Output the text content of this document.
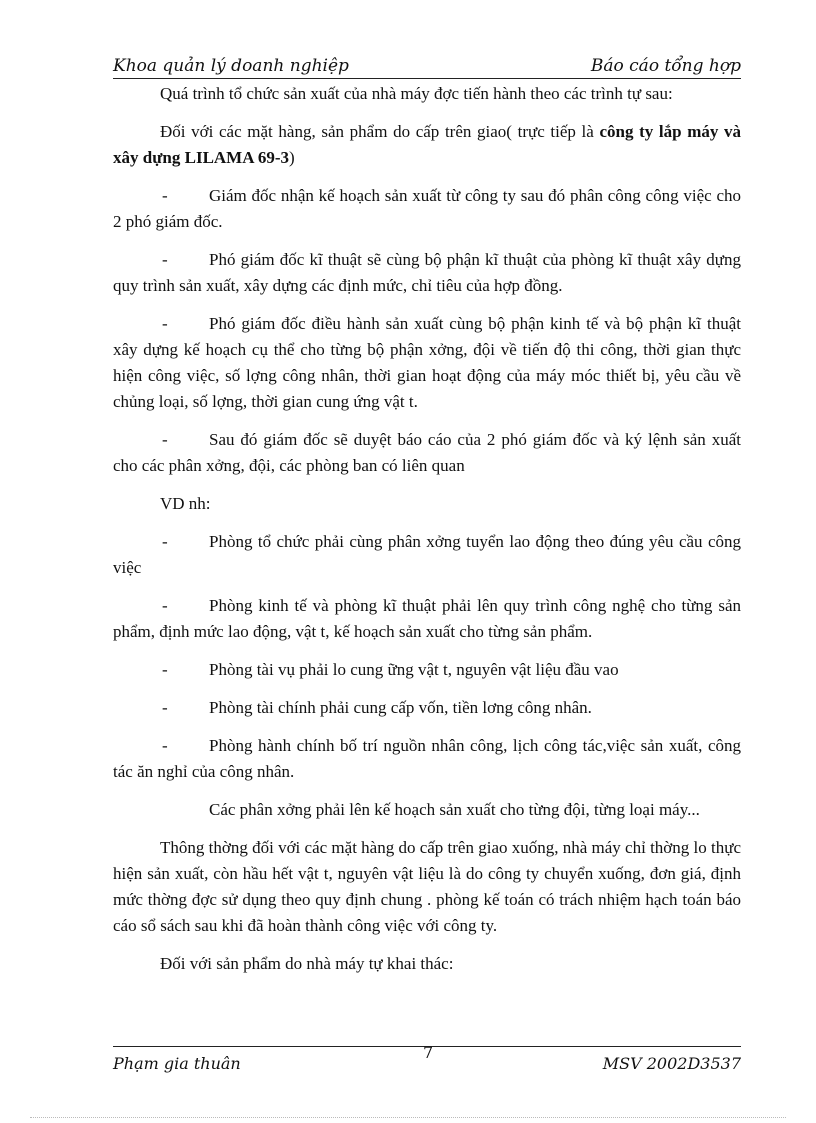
Khoa quản lý doanh nghiệp	Báo cáo tổng hợp

Quá trình tổ chức sản xuất của nhà máy đợc tiến hành theo các trình tự sau:

Đối với các mặt hàng, sản phẩm do cấp trên giao( trực tiếp là công ty lắp máy và xây dựng LILAMA 69-3)

- Giám đốc nhận kế hoạch sản xuất từ công ty sau đó phân công công việc cho 2 phó giám đốc.

- Phó giám đốc kĩ thuật sẽ cùng bộ phận kĩ thuật của phòng kĩ thuật xây dựng quy trình sản xuất, xây dựng các định mức, chỉ tiêu của hợp đồng.

- Phó giám đốc điều hành sản xuất cùng bộ phận kinh tế và bộ phận kĩ thuật xây dựng kế hoạch cụ thể cho từng bộ phận xởng, đội về tiến độ thi công, thời gian thực hiện công việc, số lợng công nhân, thời gian hoạt động của máy móc thiết bị, yêu cầu về chủng loại, số lợng, thời gian cung ứng vật t.

- Sau đó giám đốc sẽ duyệt báo cáo của 2 phó giám đốc và ký lệnh sản xuất cho các phân xởng, đội, các phòng ban có liên quan

VD nh:

- Phòng tổ chức phải cùng phân xởng tuyển lao động theo đúng yêu cầu công việc

- Phòng kinh tế và phòng kĩ thuật phải lên quy trình công nghệ cho từng sản phẩm, định mức lao động, vật t, kế hoạch sản xuất cho từng sản phẩm.

- Phòng tài vụ phải lo cung ững vật t, nguyên vật liệu đầu vao

- Phòng tài chính phải cung cấp vốn, tiền lơng công nhân.

- Phòng hành chính bố trí nguồn nhân công, lịch công tác,việc sản xuất, công tác ăn nghỉ của công nhân.

Các phân xởng phải lên kế hoạch sản xuất cho từng đội, từng loại máy...

Thông thờng đối với các mặt hàng do cấp trên giao xuống, nhà máy chỉ thờng lo thực hiện sản xuất, còn hầu hết vật t, nguyên vật liệu là do công ty chuyển xuống, đơn giá, định mức thờng đợc sử dụng theo quy định chung . phòng kế toán có trách nhiệm hạch toán báo cáo sổ sách sau khi đã hoàn thành công việc với công ty.

Đối với sản phẩm do nhà máy tự khai thác:

Phạm gia thuân
7
MSV 2002D3537
